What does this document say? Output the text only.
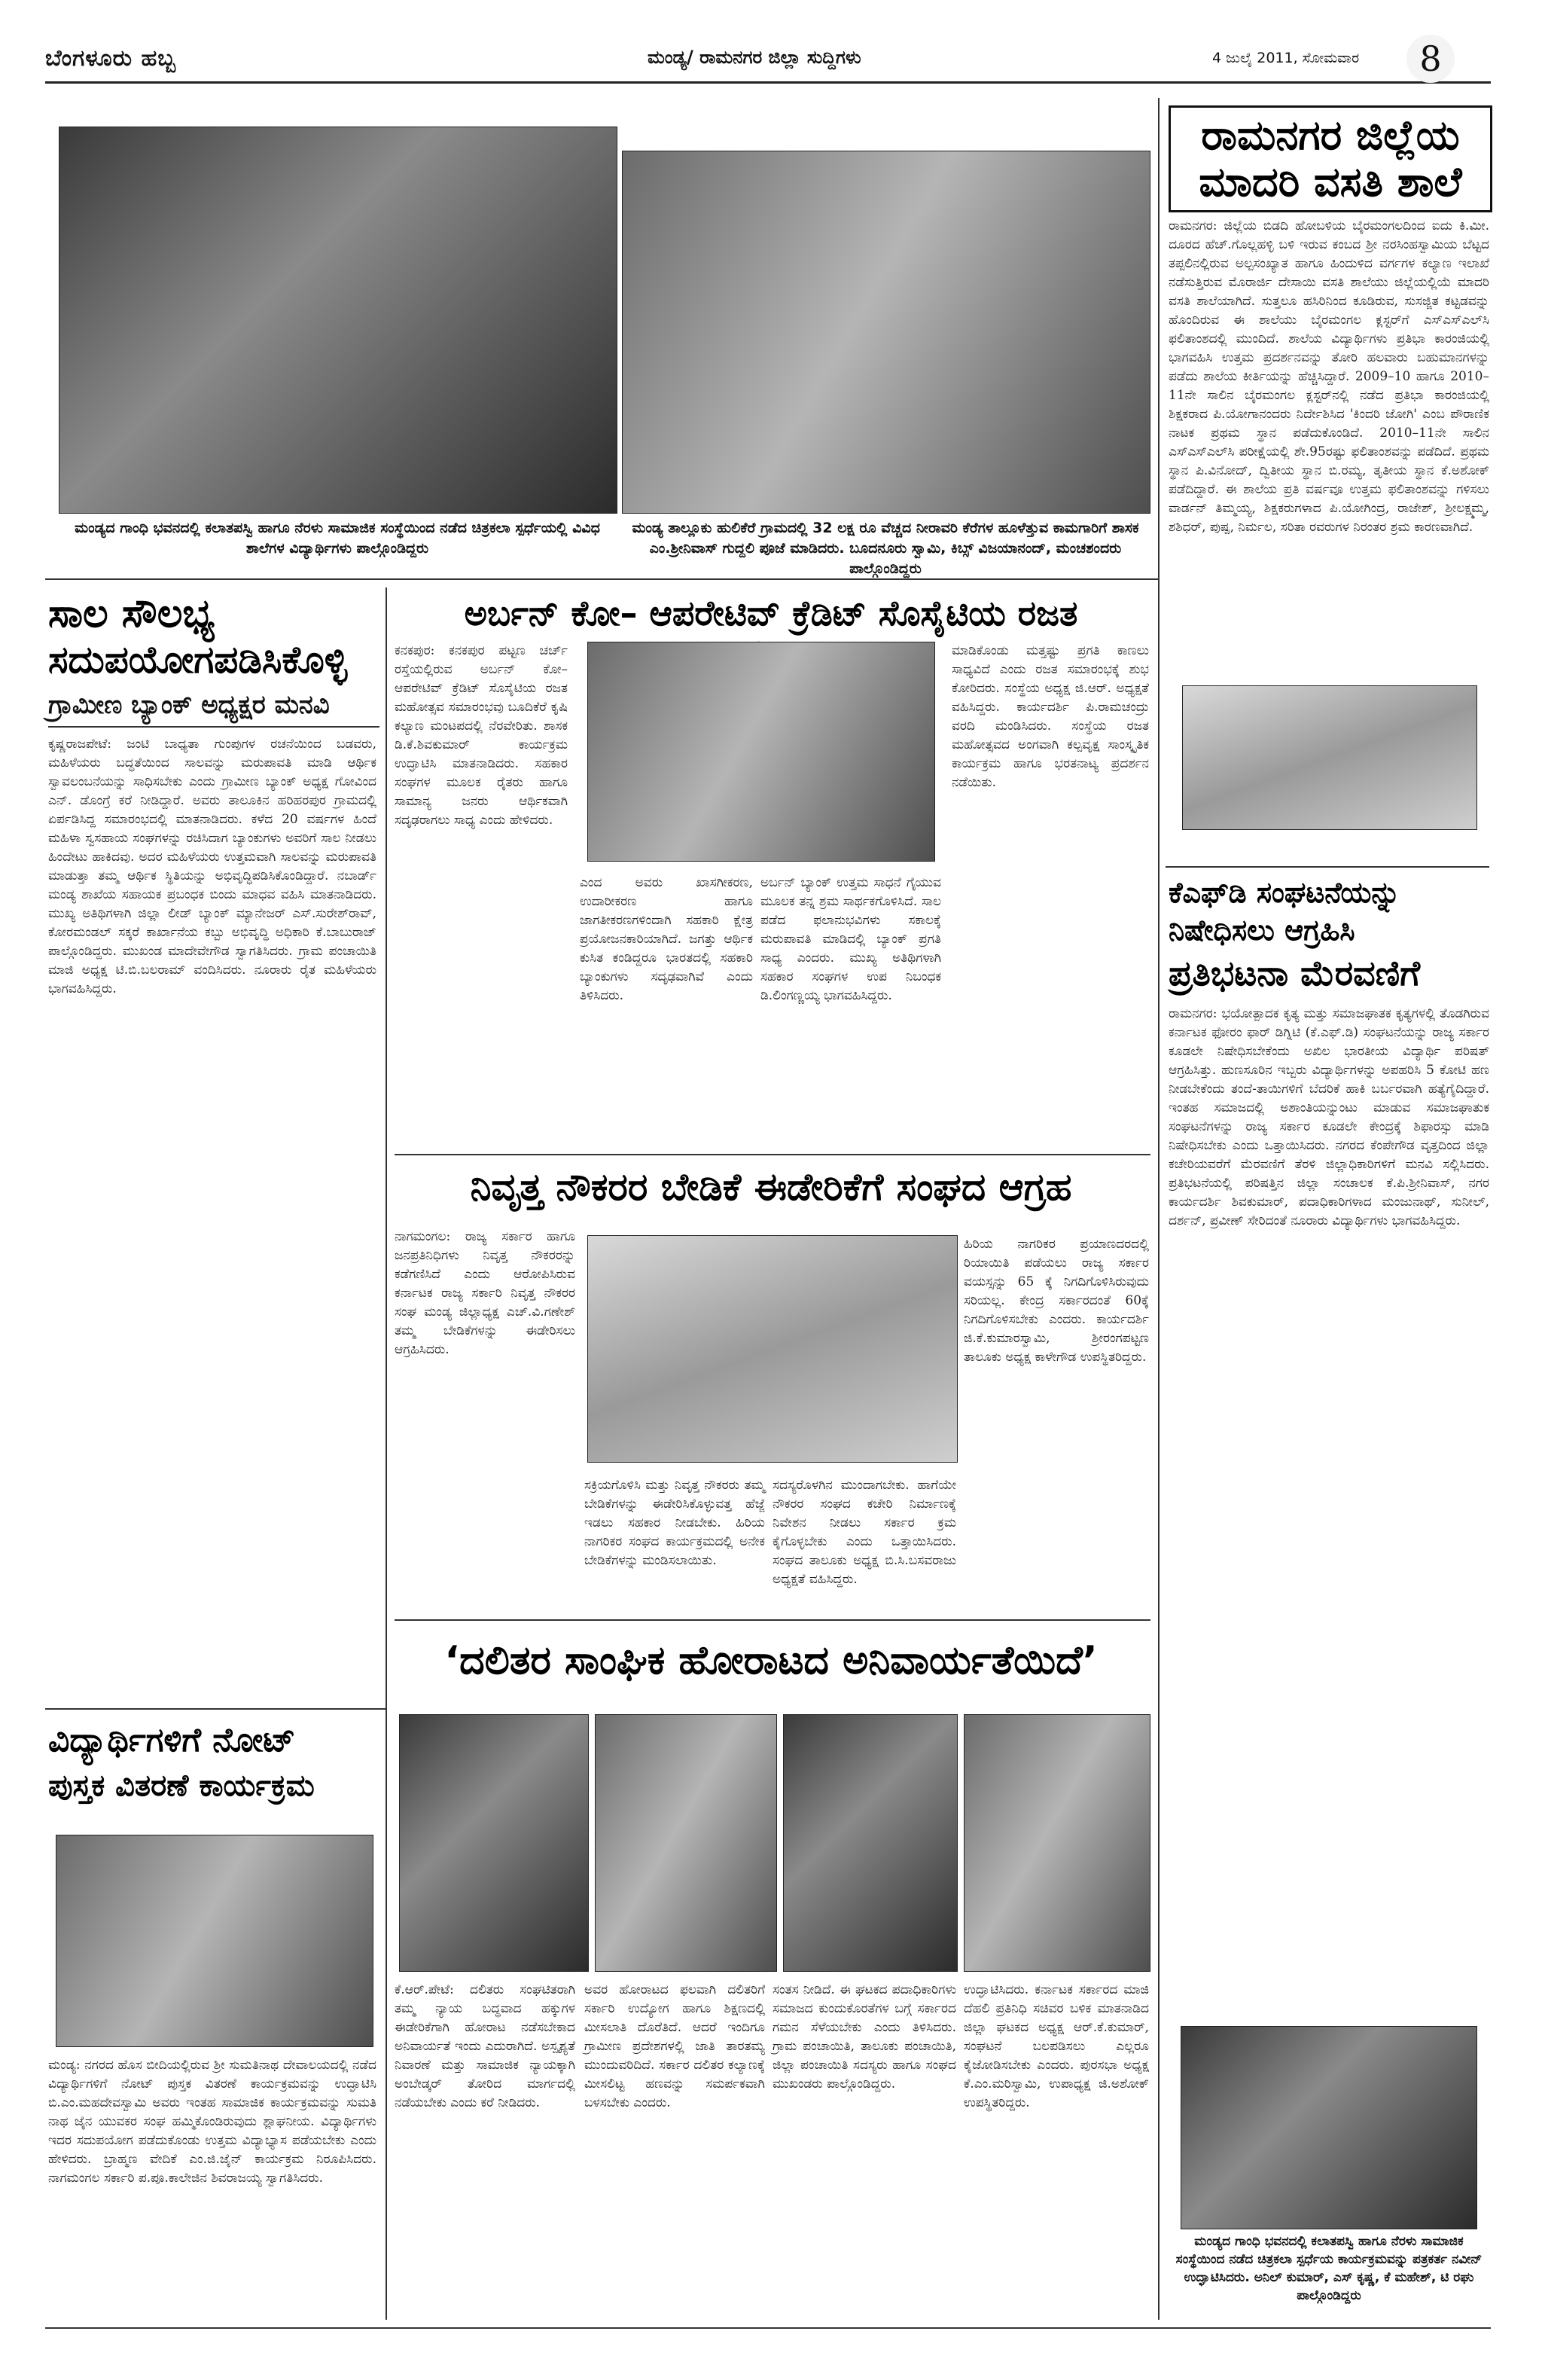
ಬೆಂಗಳೂರು ಹಬ್ಬ	ಮಂಡ್ಯ/ ರಾಮನಗರ ಜಿಲ್ಲಾ ಸುದ್ದಿಗಳು	4 ಜುಲೈ 2011, ಸೋಮವಾರ	8
ಮಂಡ್ಯದ ಗಾಂಧಿ ಭವನದಲ್ಲಿ ಕಲಾತಪಸ್ವಿ ಹಾಗೂ ನೆರಳು ಸಾಮಾಜಿಕ ಸಂಸ್ಥೆಯಿಂದ ನಡೆದ ಚಿತ್ರಕಲಾ ಸ್ಪರ್ಧೆಯಲ್ಲಿ ವಿವಿಧ ಶಾಲೆಗಳ ವಿದ್ಯಾರ್ಥಿಗಳು ಪಾಲ್ಗೊಂಡಿದ್ದರು
ಮಂಡ್ಯ ತಾಲ್ಲೂಕು ಹುಲಿಕೆರೆ ಗ್ರಾಮದಲ್ಲಿ 32 ಲಕ್ಷ ರೂ ವೆಚ್ಚದ ನೀರಾವರಿ ಕೆರೆಗಳ ಹೂಳೆತ್ತುವ ಕಾಮಗಾರಿಗೆ ಶಾಸಕ ಎಂ.ಶ್ರೀನಿವಾಸ್ ಗುದ್ದಲಿ ಪೂಜೆ ಮಾಡಿದರು. ಬೂದನೂರು ಸ್ವಾಮಿ, ಕಿಬ್ಸ್ ವಿಜಯಾನಂದ್, ಮಂಚಶಂದರು ಪಾಲ್ಗೊಂಡಿದ್ದರು
ರಾಮನಗರ ಜಿಲ್ಲೆಯ ಮಾದರಿ ವಸತಿ ಶಾಲೆ
ರಾಮನಗರ: ಜಿಲ್ಲೆಯ ಬಿಡದಿ ಹೋಬಳಿಯ ಬೈರಮಂಗಲದಿಂದ ಐದು ಕಿ.ಮೀ. ದೂರದ ಹೆಚ್.ಗೊಲ್ಲಹಳ್ಳಿ ಬಳಿ ಇರುವ ಕಂಬದ ಶ್ರೀ ನರಸಿಂಹಸ್ವಾಮಿಯ ಬೆಟ್ಟದ ತಪ್ಪಲಿನಲ್ಲಿರುವ ಅಲ್ಪಸಂಖ್ಯಾತ ಹಾಗೂ ಹಿಂದುಳಿದ ವರ್ಗಗಳ ಕಲ್ಯಾಣ ಇಲಾಖೆ ನಡೆಸುತ್ತಿರುವ ಮೊರಾರ್ಜಿ ದೇಸಾಯಿ ವಸತಿ ಶಾಲೆಯು ಜಿಲ್ಲೆಯಲ್ಲಿಯೆ ಮಾದರಿ ವಸತಿ ಶಾಲೆಯಾಗಿದೆ. ಸುತ್ತಲೂ ಹಸಿರಿನಿಂದ ಕೂಡಿರುವ, ಸುಸಜ್ಜಿತ ಕಟ್ಟಡವನ್ನು ಹೊಂದಿರುವ ಈ ಶಾಲೆಯು ಬೈರಮಂಗಲ ಕ್ಲಸ್ಟರ್‌ಗೆ ಎಸ್‌ಎಸ್‌ಎಲ್‌ಸಿ ಫಲಿತಾಂಶದಲ್ಲಿ ಮುಂದಿದೆ. ಶಾಲೆಯ ವಿದ್ಯಾರ್ಥಿಗಳು ಪ್ರತಿಭಾ ಕಾರಂಜಿಯಲ್ಲಿ ಭಾಗವಹಿಸಿ ಉತ್ತಮ ಪ್ರದರ್ಶನವನ್ನು ತೋರಿ ಹಲವಾರು ಬಹುಮಾನಗಳನ್ನು ಪಡೆದು ಶಾಲೆಯ ಕೀರ್ತಿಯನ್ನು ಹೆಚ್ಚಿಸಿದ್ದಾರೆ. 2009–10 ಹಾಗೂ 2010–11ನೇ ಸಾಲಿನ ಬೈರಮಂಗಲ ಕ್ಲಸ್ಟರ್‌ನಲ್ಲಿ ನಡೆದ ಪ್ರತಿಭಾ ಕಾರಂಜಿಯಲ್ಲಿ ಶಿಕ್ಷಕರಾದ ಪಿ.ಯೋಗಾನಂದರು ನಿರ್ದೇಶಿಸಿದ 'ಕಿಂದರಿ ಜೋಗಿ' ಎಂಬ ಪೌರಾಣಿಕ ನಾಟಕ ಪ್ರಥಮ ಸ್ಥಾನ ಪಡೆದುಕೊಂಡಿದೆ. 2010–11ನೇ ಸಾಲಿನ ಎಸ್‌ಎಸ್‌ಎಲ್‌ಸಿ ಪರೀಕ್ಷೆಯಲ್ಲಿ ಶೇ.95ರಷ್ಟು ಫಲಿತಾಂಶವನ್ನು ಪಡೆದಿದೆ. ಪ್ರಥಮ ಸ್ಥಾನ ಪಿ.ವಿನೋದ್, ದ್ವಿತೀಯ ಸ್ಥಾನ ಬಿ.ರಮ್ಯ, ತೃತೀಯ ಸ್ಥಾನ ಕೆ.ಅಶೋಕ್ ಪಡೆದಿದ್ದಾರೆ. ಈ ಶಾಲೆಯ ಪ್ರತಿ ವರ್ಷವೂ ಉತ್ತಮ ಫಲಿತಾಂಶವನ್ನು ಗಳಿಸಲು ವಾರ್ಡನ್ ತಿಮ್ಮಯ್ಯ, ಶಿಕ್ಷಕರುಗಳಾದ ಪಿ.ಯೋಗಿಂದ್ರ, ರಾಜೇಶ್, ಶ್ರೀಲಕ್ಷ್ಮಮ್ಮ, ಶಶಿಧರ್, ಪುಷ್ಪ, ನಿರ್ಮಲ, ಸರಿತಾ ರವರುಗಳ ನಿರಂತರ ಶ್ರಮ ಕಾರಣವಾಗಿದೆ.
ಸಾಲ ಸೌಲಭ್ಯ
ಸದುಪಯೋಗಪಡಿಸಿಕೊಳ್ಳಿ
ಗ್ರಾಮೀಣ ಬ್ಯಾಂಕ್ ಅಧ್ಯಕ್ಷರ ಮನವಿ
ಕೃಷ್ಣರಾಜಪೇಟೆ: ಜಂಟಿ ಬಾಧ್ಯತಾ ಗುಂಪುಗಳ ರಚನೆಯಿಂದ ಬಡವರು, ಮಹಿಳೆಯರು ಬದ್ಧತೆಯಿಂದ ಸಾಲವನ್ನು ಮರುಪಾವತಿ ಮಾಡಿ ಆರ್ಥಿಕ ಸ್ವಾವಲಂಬನೆಯನ್ನು ಸಾಧಿಸಬೇಕು ಎಂದು ಗ್ರಾಮೀಣ ಬ್ಯಾಂಕ್ ಅಧ್ಯಕ್ಷ ಗೋವಿಂದ ಎನ್. ಡೊಂಗ್ರೆ ಕರೆ ನೀಡಿದ್ದಾರೆ. ಅವರು ತಾಲೂಕಿನ ಹರಿಹರಪುರ ಗ್ರಾಮದಲ್ಲಿ ಏರ್ಪಡಿಸಿದ್ದ ಸಮಾರಂಭದಲ್ಲಿ ಮಾತನಾಡಿದರು. ಕಳೆದ 20 ವರ್ಷಗಳ ಹಿಂದೆ ಮಹಿಳಾ ಸ್ವಸಹಾಯ ಸಂಘಗಳನ್ನು ರಚಿಸಿದಾಗ ಬ್ಯಾಂಕುಗಳು ಅವರಿಗೆ ಸಾಲ ನೀಡಲು ಹಿಂದೇಟು ಹಾಕಿದವು. ಅದರ ಮಹಿಳೆಯರು ಉತ್ತಮವಾಗಿ ಸಾಲವನ್ನು ಮರುಪಾವತಿ ಮಾಡುತ್ತಾ ತಮ್ಮ ಆರ್ಥಿಕ ಸ್ಥಿತಿಯನ್ನು ಅಭಿವೃದ್ಧಿಪಡಿಸಿಕೊಂಡಿದ್ದಾರೆ. ನಬಾರ್ಡ್ ಮಂಡ್ಯ ಶಾಖೆಯ ಸಹಾಯಕ ಪ್ರಬಂಧಕ ಬಿಂದು ಮಾಧವ ವಹಿಸಿ ಮಾತನಾಡಿದರು. ಮುಖ್ಯ ಅತಿಥಿಗಳಾಗಿ ಜಿಲ್ಲಾ ಲೀಡ್ ಬ್ಯಾಂಕ್ ಮ್ಯಾನೇಜರ್ ಎಸ್.ಸುರೇಶ್‌ರಾವ್, ಕೋರಮಂಡಲ್ ಸಕ್ಕರೆ ಕಾರ್ಖಾನೆಯ ಕಬ್ಬು ಅಭಿವೃದ್ಧಿ ಅಧಿಕಾರಿ ಕೆ.ಬಾಬುರಾಜ್ ಪಾಲ್ಗೊಂಡಿದ್ದರು. ಮುಖಂಡ ಮಾದೇವೇಗೌಡ ಸ್ವಾಗತಿಸಿದರು. ಗ್ರಾಮ ಪಂಚಾಯಿತಿ ಮಾಜಿ ಅಧ್ಯಕ್ಷ ಟಿ.ಬಿ.ಬಲರಾಮ್ ವಂದಿಸಿದರು. ನೂರಾರು ರೈತ ಮಹಿಳೆಯರು ಭಾಗವಹಿಸಿದ್ದರು.
ಅರ್ಬನ್ ಕೋ– ಆಪರೇಟಿವ್ ಕ್ರೆಡಿಟ್ ಸೊಸೈಟಿಯ ರಜತ
ಕನಕಪುರ: ಕನಕಪುರ ಪಟ್ಟಣ ಚರ್ಚ್ ರಸ್ತೆಯಲ್ಲಿರುವ ಅರ್ಬನ್ ಕೋ– ಆಪರೇಟಿವ್ ಕ್ರೆಡಿಟ್ ಸೊಸೈಟಿಯ ರಜತ ಮಹೋತ್ಸವ ಸಮಾರಂಭವು ಬೂದಿಕೆರೆ ಕೃಷಿ ಕಲ್ಯಾಣ ಮಂಟಪದಲ್ಲಿ ನೆರವೇರಿತು. ಶಾಸಕ ಡಿ.ಕೆ.ಶಿವಕುಮಾರ್ ಕಾರ್ಯಕ್ರಮ ಉದ್ಘಾಟಿಸಿ ಮಾತನಾಡಿದರು. ಸಹಕಾರ ಸಂಘಗಳ ಮೂಲಕ ರೈತರು ಹಾಗೂ ಸಾಮಾನ್ಯ ಜನರು ಆರ್ಥಿಕವಾಗಿ ಸದೃಢರಾಗಲು ಸಾಧ್ಯ ಎಂದು ಹೇಳಿದರು.
ಎಂದ ಅವರು ಖಾಸಗೀಕರಣ, ಉದಾರೀಕರಣ ಹಾಗೂ ಜಾಗತೀಕರಣಗಳಿಂದಾಗಿ ಸಹಕಾರಿ ಕ್ಷೇತ್ರ ಪ್ರಯೋಜನಕಾರಿಯಾಗಿದೆ. ಜಗತ್ತು ಆರ್ಥಿಕ ಕುಸಿತ ಕಂಡಿದ್ದರೂ ಭಾರತದಲ್ಲಿ ಸಹಕಾರಿ ಬ್ಯಾಂಕುಗಳು ಸದೃಢವಾಗಿವೆ ಎಂದು ತಿಳಿಸಿದರು.
ಅರ್ಬನ್ ಬ್ಯಾಂಕ್ ಉತ್ತಮ ಸಾಧನೆ ಗೈಯುವ ಮೂಲಕ ತನ್ನ ಶ್ರಮ ಸಾರ್ಥಕಗೊಳಿಸಿದೆ. ಸಾಲ ಪಡೆದ ಫಲಾನುಭವಿಗಳು ಸಕಾಲಕ್ಕೆ ಮರುಪಾವತಿ ಮಾಡಿದಲ್ಲಿ ಬ್ಯಾಂಕ್ ಪ್ರಗತಿ ಸಾಧ್ಯ ಎಂದರು. ಮುಖ್ಯ ಅತಿಥಿಗಳಾಗಿ ಸಹಕಾರ ಸಂಘಗಳ ಉಪ ನಿಬಂಧಕ ಡಿ.ಲಿಂಗಣ್ಣಯ್ಯ ಭಾಗವಹಿಸಿದ್ದರು.
ಮಾಡಿಕೊಂಡು ಮತ್ತಷ್ಟು ಪ್ರಗತಿ ಕಾಣಲು ಸಾಧ್ಯವಿದೆ ಎಂದು ರಜತ ಸಮಾರಂಭಕ್ಕೆ ಶುಭ ಕೋರಿದರು. ಸಂಸ್ಥೆಯ ಅಧ್ಯಕ್ಷ ಜಿ.ಆರ್. ಅಧ್ಯಕ್ಷತೆ ವಹಿಸಿದ್ದರು. ಕಾರ್ಯದರ್ಶಿ ಪಿ.ರಾಮಚಂದ್ರು ವರದಿ ಮಂಡಿಸಿದರು. ಸಂಸ್ಥೆಯ ರಜತ ಮಹೋತ್ಸವದ ಅಂಗವಾಗಿ ಕಲ್ಪವೃಕ್ಷ ಸಾಂಸ್ಕೃತಿಕ ಕಾರ್ಯಕ್ರಮ ಹಾಗೂ ಭರತನಾಟ್ಯ ಪ್ರದರ್ಶನ ನಡೆಯಿತು.
ಕೆಎಫ್‌ಡಿ ಸಂಘಟನೆಯನ್ನು
ನಿಷೇಧಿಸಲು ಆಗ್ರಹಿಸಿ
ಪ್ರತಿಭಟನಾ ಮೆರವಣಿಗೆ
ರಾಮನಗರ: ಭಯೋತ್ಪಾದಕ ಕೃತ್ಯ ಮತ್ತು ಸಮಾಜಘಾತಕ ಕೃತ್ಯಗಳಲ್ಲಿ ತೊಡಗಿರುವ ಕರ್ನಾಟಕ ಫೋರಂ ಫಾರ್ ಡಿಗ್ನಿಟಿ (ಕೆ.ಎಫ್.ಡಿ) ಸಂಘಟನೆಯನ್ನು ರಾಜ್ಯ ಸರ್ಕಾರ ಕೂಡಲೇ ನಿಷೇಧಿಸಬೇಕೆಂದು ಅಖಿಲ ಭಾರತೀಯ ವಿದ್ಯಾರ್ಥಿ ಪರಿಷತ್ ಆಗ್ರಹಿಸಿತ್ತು. ಹುಣಸೂರಿನ ಇಬ್ಬರು ವಿದ್ಯಾರ್ಥಿಗಳನ್ನು ಅಪಹರಿಸಿ 5 ಕೋಟಿ ಹಣ ನೀಡಬೇಕೆಂದು ತಂದೆ-ತಾಯಿಗಳಿಗೆ ಬೆದರಿಕೆ ಹಾಕಿ ಬರ್ಬರವಾಗಿ ಹತ್ಯೆಗೈದಿದ್ದಾರೆ. ಇಂತಹ ಸಮಾಜದಲ್ಲಿ ಅಶಾಂತಿಯನ್ನುಂಟು ಮಾಡುವ ಸಮಾಜಘಾತುಕ ಸಂಘಟನೆಗಳನ್ನು ರಾಜ್ಯ ಸರ್ಕಾರ ಕೂಡಲೇ ಕೇಂದ್ರಕ್ಕೆ ಶಿಫಾರಸ್ಸು ಮಾಡಿ ನಿಷೇಧಿಸಬೇಕು ಎಂದು ಒತ್ತಾಯಿಸಿದರು. ನಗರದ ಕೆಂಪೇಗೌಡ ವೃತ್ತದಿಂದ ಜಿಲ್ಲಾ ಕಚೇರಿಯವರೆಗೆ ಮೆರವಣಿಗೆ ತೆರಳಿ ಜಿಲ್ಲಾಧಿಕಾರಿಗಳಿಗೆ ಮನವಿ ಸಲ್ಲಿಸಿದರು. ಪ್ರತಿಭಟನೆಯಲ್ಲಿ ಪರಿಷತ್ತಿನ ಜಿಲ್ಲಾ ಸಂಚಾಲಕ ಕೆ.ಪಿ.ಶ್ರೀನಿವಾಸ್, ನಗರ ಕಾರ್ಯದರ್ಶಿ ಶಿವಕುಮಾರ್, ಪದಾಧಿಕಾರಿಗಳಾದ ಮಂಜುನಾಥ್, ಸುನೀಲ್, ದರ್ಶನ್, ಪ್ರವೀಣ್ ಸೇರಿದಂತೆ ನೂರಾರು ವಿದ್ಯಾರ್ಥಿಗಳು ಭಾಗವಹಿಸಿದ್ದರು.
ನಿವೃತ್ತ ನೌಕರರ ಬೇಡಿಕೆ ಈಡೇರಿಕೆಗೆ ಸಂಘದ ಆಗ್ರಹ
ನಾಗಮಂಗಲ: ರಾಜ್ಯ ಸರ್ಕಾರ ಹಾಗೂ ಜನಪ್ರತಿನಿಧಿಗಳು ನಿವೃತ್ತ ನೌಕರರನ್ನು ಕಡೆಗಣಿಸಿದೆ ಎಂದು ಆರೋಪಿಸಿರುವ ಕರ್ನಾಟಕ ರಾಜ್ಯ ಸರ್ಕಾರಿ ನಿವೃತ್ತ ನೌಕರರ ಸಂಘ ಮಂಡ್ಯ ಜಿಲ್ಲಾಧ್ಯಕ್ಷ ಎಚ್.ವಿ.ಗಣೇಶ್ ತಮ್ಮ ಬೇಡಿಕೆಗಳನ್ನು ಈಡೇರಿಸಲು ಆಗ್ರಹಿಸಿದರು.
ಸಕ್ರಿಯಗೊಳಿಸಿ ಮತ್ತು ನಿವೃತ್ತ ನೌಕರರು ತಮ್ಮ ಬೇಡಿಕೆಗಳನ್ನು ಈಡೇರಿಸಿಕೊಳ್ಳುವತ್ತ ಹೆಜ್ಜೆ ಇಡಲು ಸಹಕಾರ ನೀಡಬೇಕು. ಹಿರಿಯ ನಾಗರಿಕರ ಸಂಘದ ಕಾರ್ಯಕ್ರಮದಲ್ಲಿ ಅನೇಕ ಬೇಡಿಕೆಗಳನ್ನು ಮಂಡಿಸಲಾಯಿತು.
ಸದಸ್ಯರೊಳಗಿನ ಮುಂದಾಗಬೇಕು. ಹಾಗೆಯೇ ನೌಕರರ ಸಂಘದ ಕಚೇರಿ ನಿರ್ಮಾಣಕ್ಕೆ ನಿವೇಶನ ನೀಡಲು ಸರ್ಕಾರ ಕ್ರಮ ಕೈಗೊಳ್ಳಬೇಕು ಎಂದು ಒತ್ತಾಯಿಸಿದರು. ಸಂಘದ ತಾಲೂಕು ಅಧ್ಯಕ್ಷ ಬಿ.ಸಿ.ಬಸವರಾಜು ಅಧ್ಯಕ್ಷತೆ ವಹಿಸಿದ್ದರು.
ಹಿರಿಯ ನಾಗರಿಕರ ಪ್ರಯಾಣದರದಲ್ಲಿ ರಿಯಾಯಿತಿ ಪಡೆಯಲು ರಾಜ್ಯ ಸರ್ಕಾರ ವಯಸ್ಸನ್ನು 65 ಕ್ಕೆ ನಿಗದಿಗೊಳಿಸಿರುವುದು ಸರಿಯಲ್ಲ. ಕೇಂದ್ರ ಸರ್ಕಾರದಂತೆ 60ಕ್ಕೆ ನಿಗದಿಗೊಳಿಸಬೇಕು ಎಂದರು. ಕಾರ್ಯದರ್ಶಿ ಜಿ.ಕೆ.ಕುಮಾರಸ್ವಾಮಿ, ಶ್ರೀರಂಗಪಟ್ಟಣ ತಾಲೂಕು ಅಧ್ಯಕ್ಷ ಕಾಳೇಗೌಡ ಉಪಸ್ಥಿತರಿದ್ದರು.
ವಿದ್ಯಾರ್ಥಿಗಳಿಗೆ ನೋಟ್
ಪುಸ್ತಕ ವಿತರಣೆ ಕಾರ್ಯಕ್ರಮ
ಮಂಡ್ಯ: ನಗರದ ಹೊಸ ಬೀದಿಯಲ್ಲಿರುವ ಶ್ರೀ ಸುಮತಿನಾಥ ದೇವಾಲಯದಲ್ಲಿ ನಡೆದ ವಿದ್ಯಾರ್ಥಿಗಳಿಗೆ ನೋಟ್ ಪುಸ್ತಕ ವಿತರಣೆ ಕಾರ್ಯಕ್ರಮವನ್ನು ಉದ್ಘಾಟಿಸಿ ಬಿ.ಎಂ.ಮಹದೇವಸ್ವಾಮಿ ಅವರು ಇಂತಹ ಸಾಮಾಜಿಕ ಕಾರ್ಯಕ್ರಮವನ್ನು ಸುಮತಿ ನಾಥ ಜೈನ ಯುವಕರ ಸಂಘ ಹಮ್ಮಿಕೊಂಡಿರುವುದು ಶ್ಲಾಘನೀಯ. ವಿದ್ಯಾರ್ಥಿಗಳು ಇದರ ಸದುಪಯೋಗ ಪಡೆದುಕೊಂಡು ಉತ್ತಮ ವಿದ್ಯಾಭ್ಯಾಸ ಪಡೆಯಬೇಕು ಎಂದು ಹೇಳಿದರು. ಬ್ರಾಹ್ಮಣ ವೇದಿಕೆ ಎಂ.ಜಿ.ಜೈನ್ ಕಾರ್ಯಕ್ರಮ ನಿರೂಪಿಸಿದರು. ನಾಗಮಂಗಲ ಸರ್ಕಾರಿ ಪ.ಪೂ.ಕಾಲೇಜಿನ ಶಿವರಾಜಯ್ಯ ಸ್ವಾಗತಿಸಿದರು.
‘ದಲಿತರ ಸಾಂಘಿಕ ಹೋರಾಟದ ಅನಿವಾರ್ಯತೆಯಿದೆ’
ಕೆ.ಆರ್.ಪೇಟೆ: ದಲಿತರು ಸಂಘಟಿತರಾಗಿ ತಮ್ಮ ನ್ಯಾಯ ಬದ್ಧವಾದ ಹಕ್ಕುಗಳ ಈಡೇರಿಕೆಗಾಗಿ ಹೋರಾಟ ನಡೆಸಬೇಕಾದ ಅನಿವಾರ್ಯತೆ ಇಂದು ಎದುರಾಗಿದೆ. ಅಸ್ಪೃಶ್ಯತೆ ನಿವಾರಣೆ ಮತ್ತು ಸಾಮಾಜಿಕ ನ್ಯಾಯಕ್ಕಾಗಿ ಅಂಬೇಡ್ಕರ್ ತೋರಿದ ಮಾರ್ಗದಲ್ಲಿ ನಡೆಯಬೇಕು ಎಂದು ಕರೆ ನೀಡಿದರು.
ಅವರ ಹೋರಾಟದ ಫಲವಾಗಿ ದಲಿತರಿಗೆ ಸರ್ಕಾರಿ ಉದ್ಯೋಗ ಹಾಗೂ ಶಿಕ್ಷಣದಲ್ಲಿ ಮೀಸಲಾತಿ ದೊರೆತಿದೆ. ಆದರೆ ಇಂದಿಗೂ ಗ್ರಾಮೀಣ ಪ್ರದೇಶಗಳಲ್ಲಿ ಜಾತಿ ತಾರತಮ್ಯ ಮುಂದುವರಿದಿದೆ. ಸರ್ಕಾರ ದಲಿತರ ಕಲ್ಯಾಣಕ್ಕೆ ಮೀಸಲಿಟ್ಟ ಹಣವನ್ನು ಸಮರ್ಪಕವಾಗಿ ಬಳಸಬೇಕು ಎಂದರು.
ಸಂತಸ ನೀಡಿದೆ. ಈ ಘಟಕದ ಪದಾಧಿಕಾರಿಗಳು ಸಮಾಜದ ಕುಂದುಕೊರತೆಗಳ ಬಗ್ಗೆ ಸರ್ಕಾರದ ಗಮನ ಸೆಳೆಯಬೇಕು ಎಂದು ತಿಳಿಸಿದರು. ಗ್ರಾಮ ಪಂಚಾಯಿತಿ, ತಾಲೂಕು ಪಂಚಾಯಿತಿ, ಜಿಲ್ಲಾ ಪಂಚಾಯಿತಿ ಸದಸ್ಯರು ಹಾಗೂ ಸಂಘದ ಮುಖಂಡರು ಪಾಲ್ಗೊಂಡಿದ್ದರು.
ಉದ್ಘಾಟಿಸಿದರು. ಕರ್ನಾಟಕ ಸರ್ಕಾರದ ಮಾಜಿ ದೆಹಲಿ ಪ್ರತಿನಿಧಿ ಸಚಿವರ ಬಳಿಕ ಮಾತನಾಡಿದ ಜಿಲ್ಲಾ ಘಟಕದ ಅಧ್ಯಕ್ಷ ಆರ್.ಕೆ.ಕುಮಾರ್, ಸಂಘಟನೆ ಬಲಪಡಿಸಲು ಎಲ್ಲರೂ ಕೈಜೋಡಿಸಬೇಕು ಎಂದರು. ಪುರಸಭಾ ಅಧ್ಯಕ್ಷ ಕೆ.ಎಂ.ಮರಿಸ್ವಾಮಿ, ಉಪಾಧ್ಯಕ್ಷ ಜಿ.ಅಶೋಕ್ ಉಪಸ್ಥಿತರಿದ್ದರು.
ಮಂಡ್ಯದ ಗಾಂಧಿ ಭವನದಲ್ಲಿ ಕಲಾತಪಸ್ವಿ ಹಾಗೂ ನೆರಳು ಸಾಮಾಜಿಕ ಸಂಸ್ಥೆಯಿಂದ ನಡೆದ ಚಿತ್ರಕಲಾ ಸ್ಪರ್ಧೆಯ ಕಾರ್ಯಕ್ರಮವನ್ನು ಪತ್ರಕರ್ತ ನವೀನ್ ಉದ್ಘಾಟಿಸಿದರು. ಅನಿಲ್ ಕುಮಾರ್, ಎಸ್ ಕೃಷ್ಣ, ಕೆ ಮಹೇಶ್, ಟಿ ರಘು ಪಾಲ್ಗೊಂಡಿದ್ದರು
